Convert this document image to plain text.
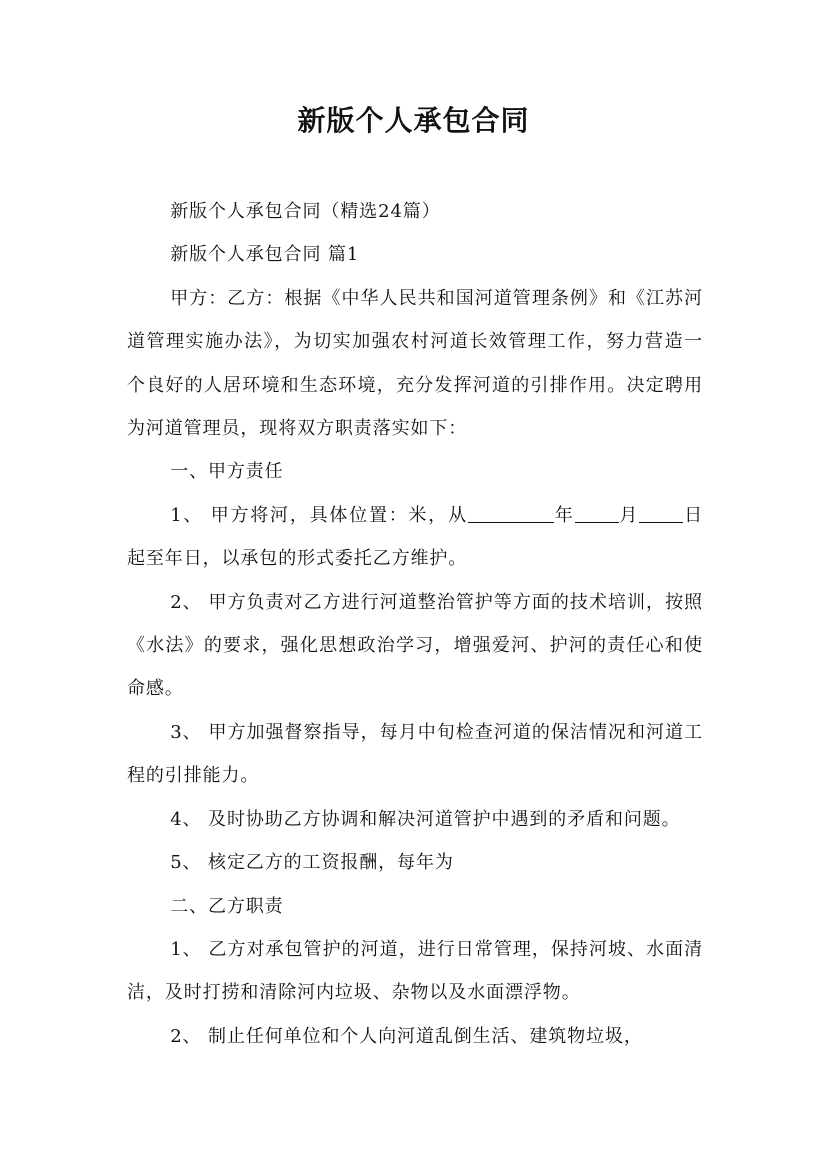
新版个人承包合同

新版个人承包合同（精选24篇）

新版个人承包合同 篇1

甲方：乙方：根据《中华人民共和国河道管理条例》和《江苏河道管理实施办法》，为切实加强农村河道长效管理工作，努力营造一个良好的人居环境和生态环境，充分发挥河道的引排作用。决定聘用为河道管理员，现将双方职责落实如下：

一、甲方责任

1、 甲方将河，具体位置：米，从	年 月 日起至年日，以承包的形式委托乙方维护。

2、 甲方负责对乙方进行河道整治管护等方面的技术培训，按照《水法》的要求，强化思想政治学习，增强爱河、护河的责任心和使命感。

3、 甲方加强督察指导，每月中旬检查河道的保洁情况和河道工程的引排能力。

4、 及时协助乙方协调和解决河道管护中遇到的矛盾和问题。

5、 核定乙方的工资报酬，每年为

二、乙方职责

1、 乙方对承包管护的河道，进行日常管理，保持河坡、水面清洁，及时打捞和清除河内垃圾、杂物以及水面漂浮物。

2、 制止任何单位和个人向河道乱倒生活、建筑物垃圾，
